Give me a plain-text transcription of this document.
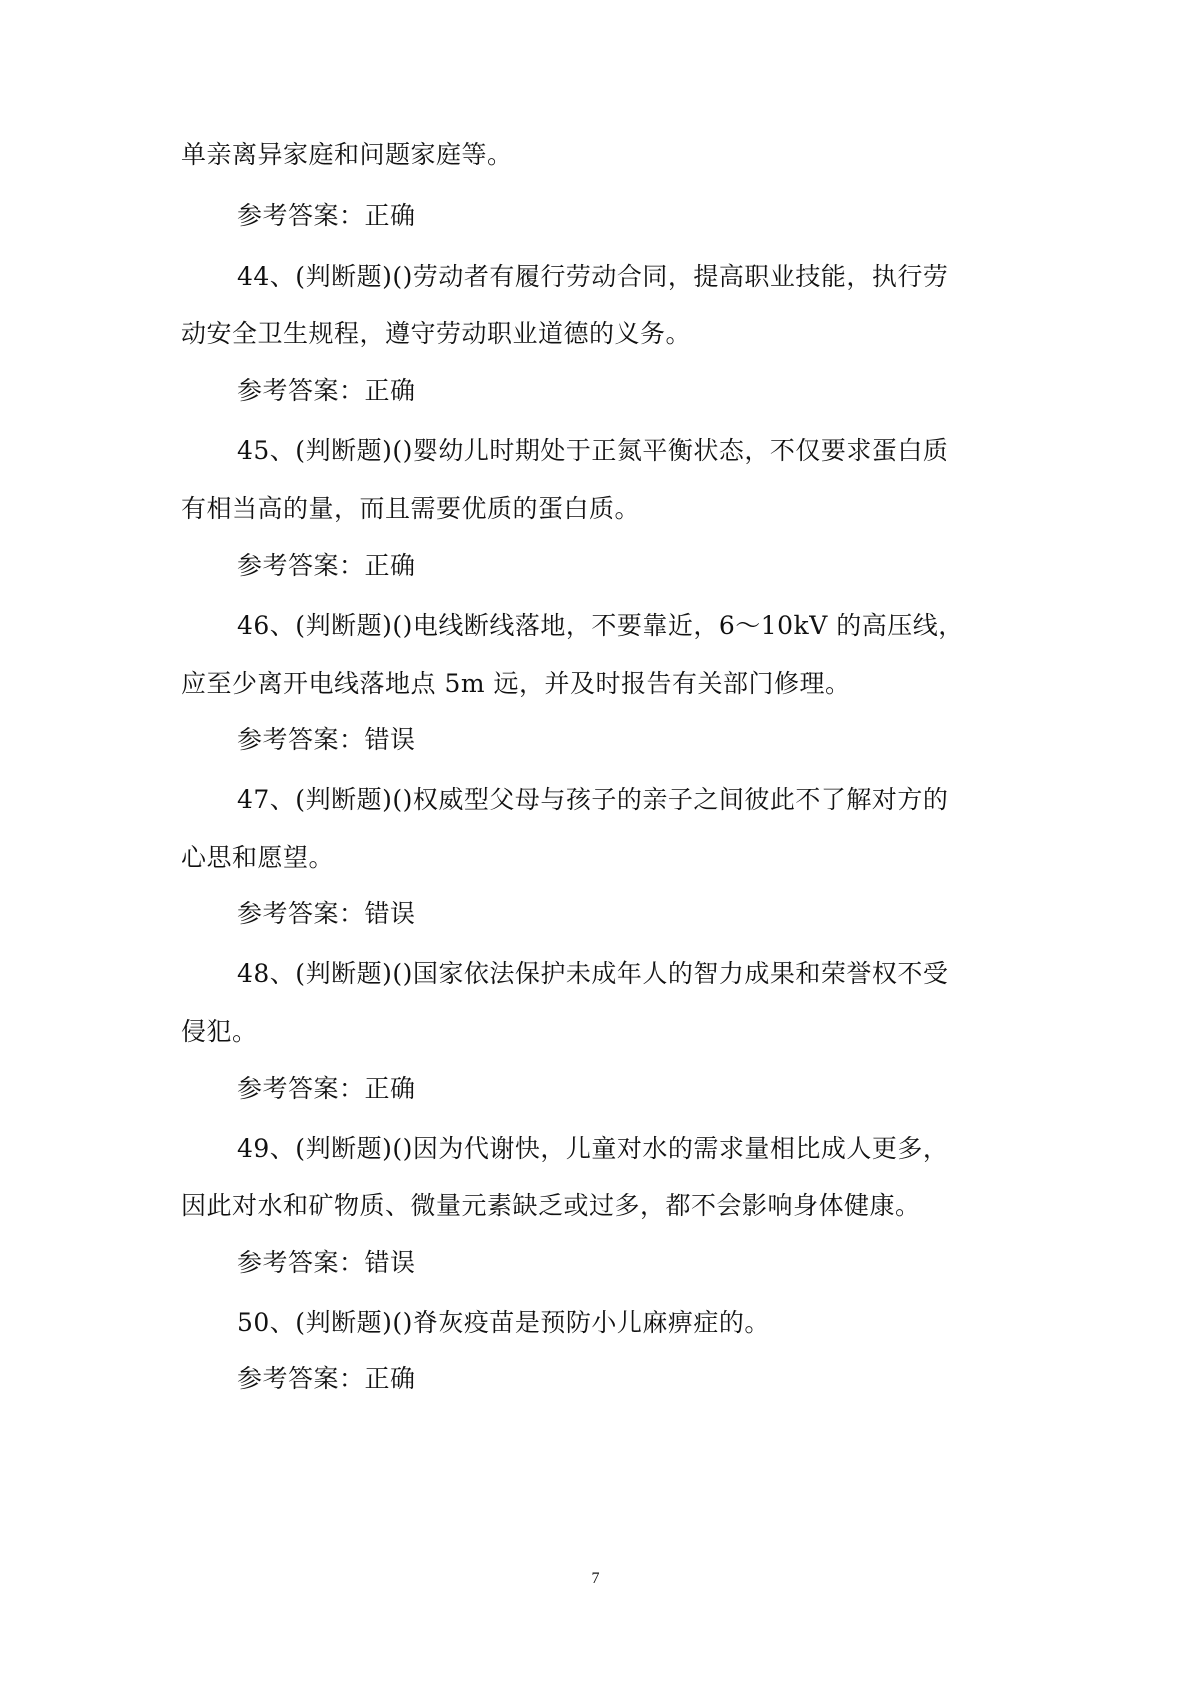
单亲离异家庭和问题家庭等。
参考答案：正确
44、(判断题)()劳动者有履行劳动合同，提高职业技能，执行劳
动安全卫生规程，遵守劳动职业道德的义务。
参考答案：正确
45、(判断题)()婴幼儿时期处于正氮平衡状态，不仅要求蛋白质
有相当高的量，而且需要优质的蛋白质。
参考答案：正确
46、(判断题)()电线断线落地，不要靠近，6～10kV 的高压线，
应至少离开电线落地点 5m 远，并及时报告有关部门修理。
参考答案：错误
47、(判断题)()权威型父母与孩子的亲子之间彼此不了解对方的
心思和愿望。
参考答案：错误
48、(判断题)()国家依法保护未成年人的智力成果和荣誉权不受
侵犯。
参考答案：正确
49、(判断题)()因为代谢快，儿童对水的需求量相比成人更多，
因此对水和矿物质、微量元素缺乏或过多，都不会影响身体健康。
参考答案：错误
50、(判断题)()脊灰疫苗是预防小儿麻痹症的。
参考答案：正确
7
